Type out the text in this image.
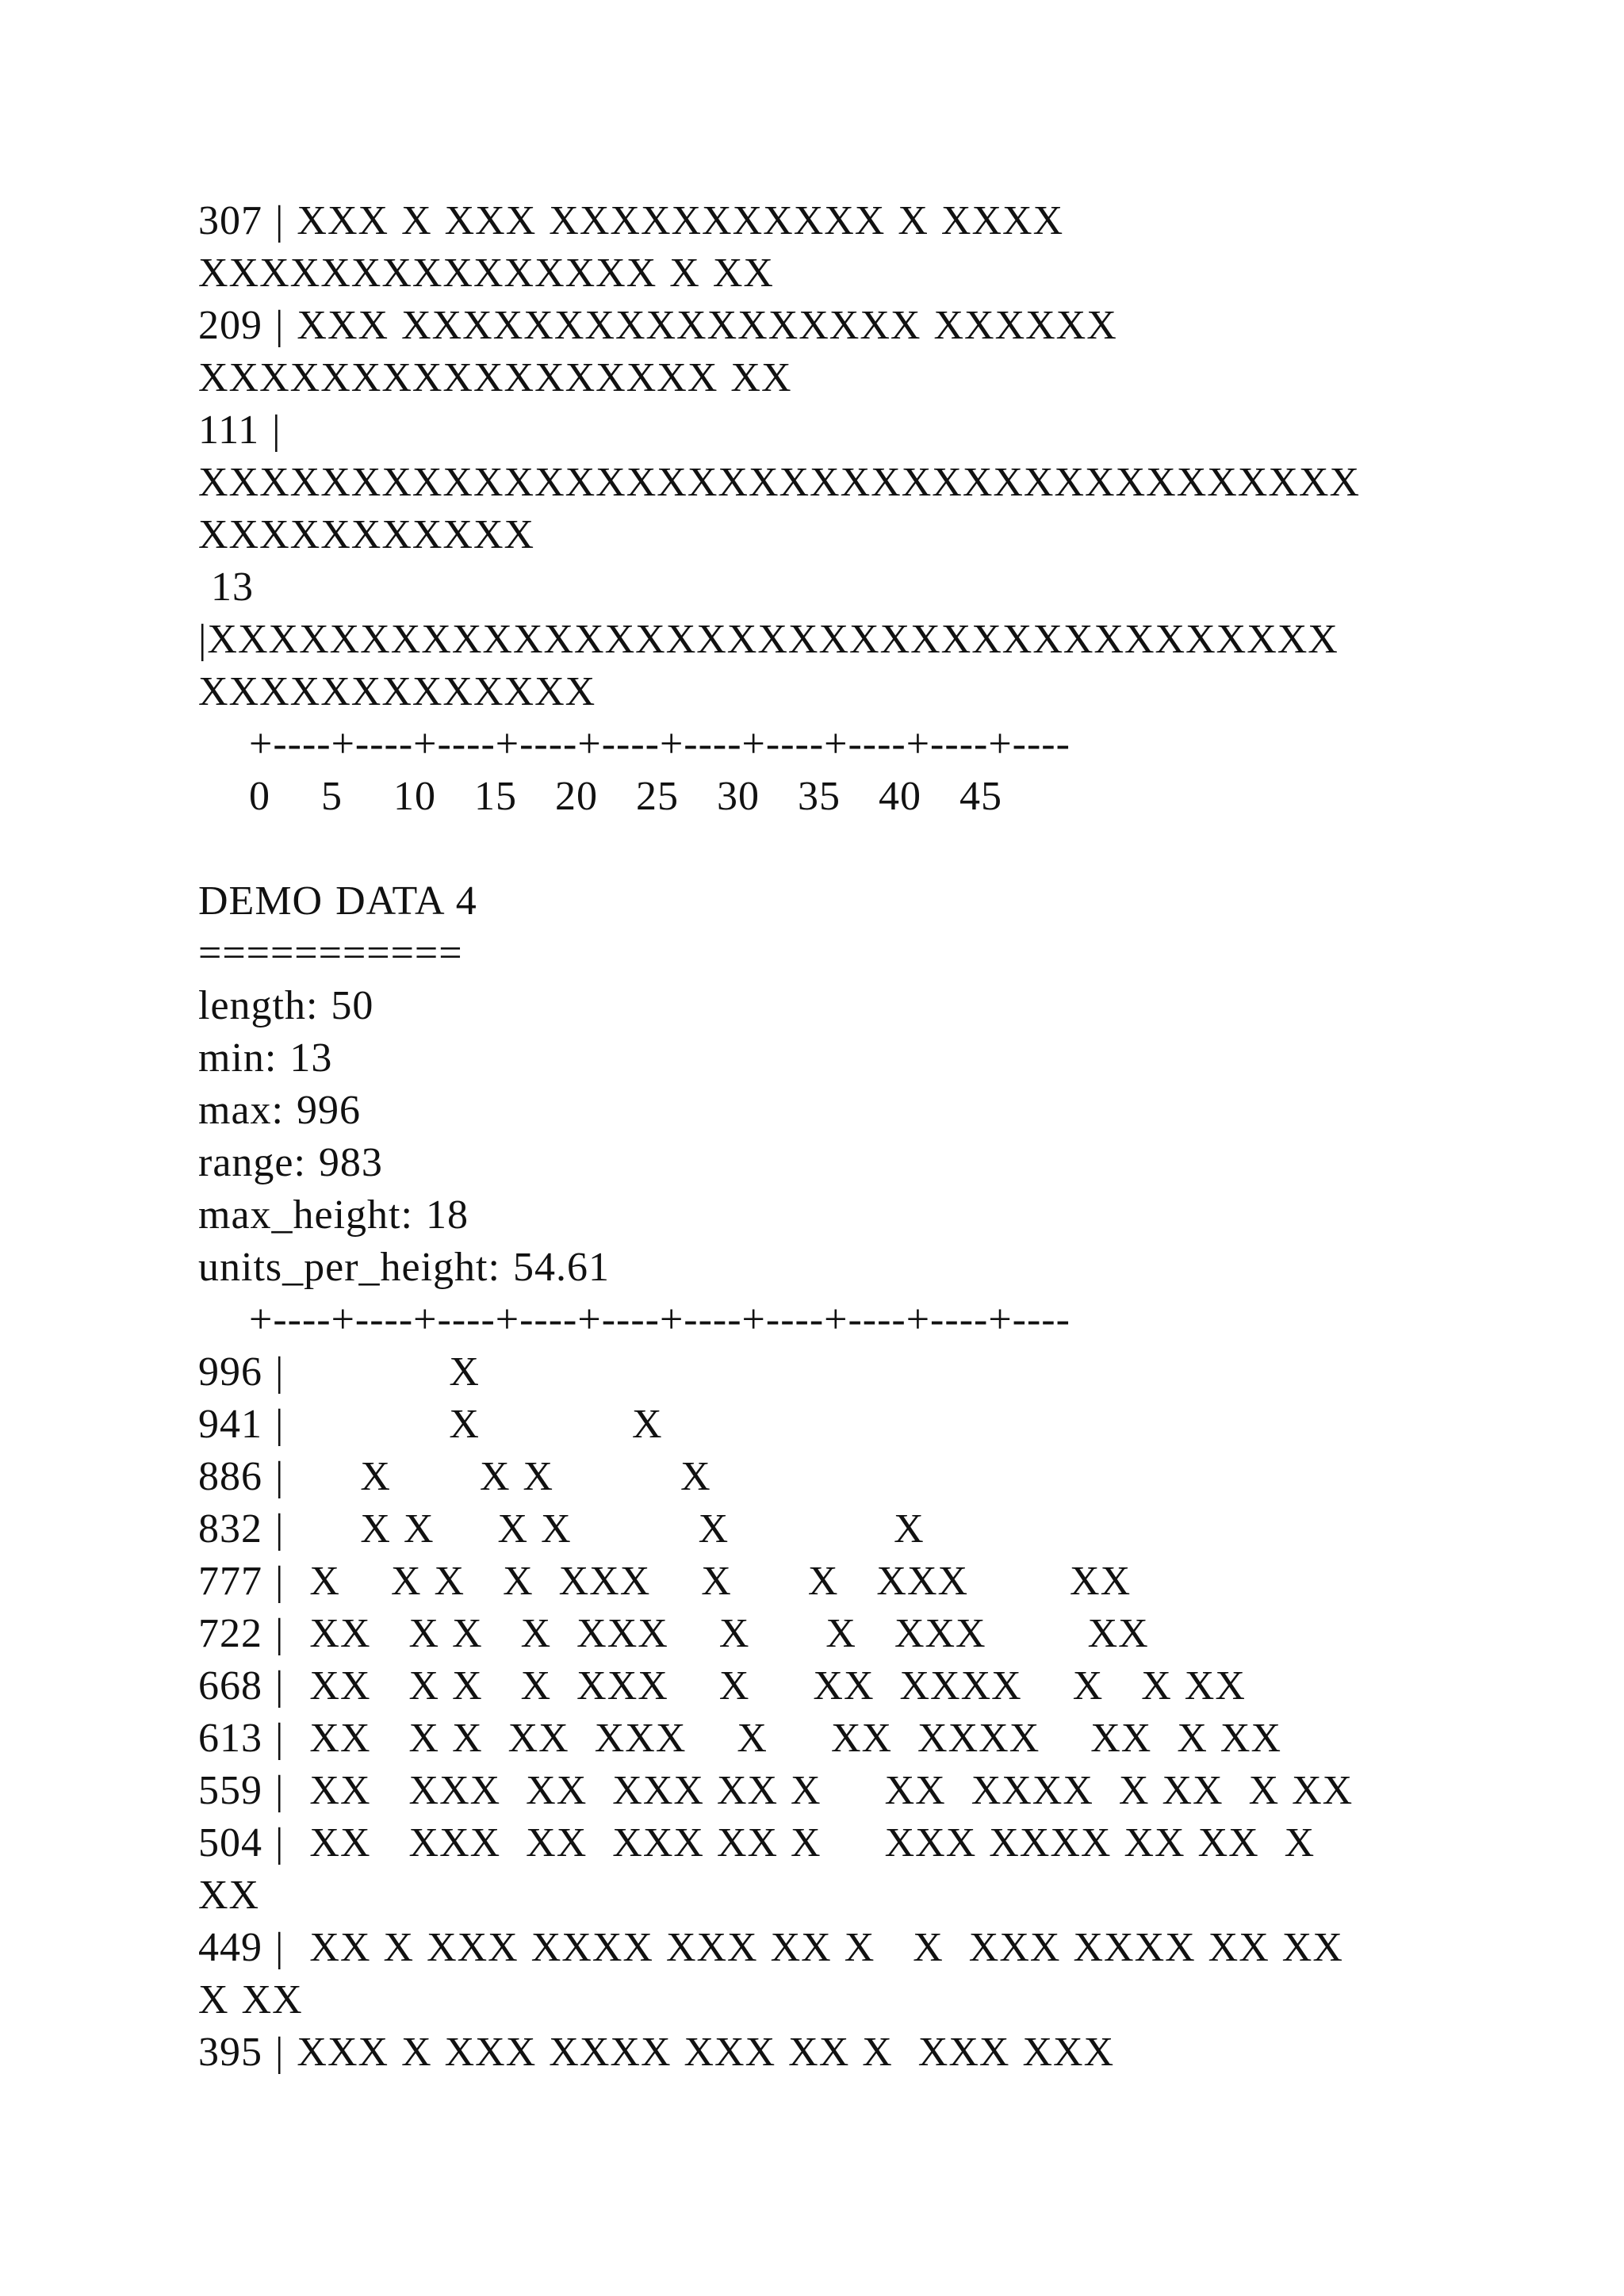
307 | XXX X XXX XXXXXXXXXXX X XXXX
XXXXXXXXXXXXXXX X XX
209 | XXX XXXXXXXXXXXXXXXXX XXXXXX
XXXXXXXXXXXXXXXXX XX
111 |
XXXXXXXXXXXXXXXXXXXXXXXXXXXXXXXXXXXXXX
XXXXXXXXXXX
13
|XXXXXXXXXXXXXXXXXXXXXXXXXXXXXXXXXXXXX
XXXXXXXXXXXXX
+----+----+----+----+----+----+----+----+----+----
0    5    10   15   20   25   30   35   40   45
DEMO DATA 4
===========
length: 50
min: 13
max: 996
range: 983
max_height: 18
units_per_height: 54.61
+----+----+----+----+----+----+----+----+----+----
996 |             X
941 |             X            X
886 |      X       X X          X
832 |      X X     X X          X             X
777 |  X    X X   X  XXX    X      X   XXX        XX
722 |  XX   X X   X  XXX    X      X   XXX        XX
668 |  XX   X X   X  XXX    X     XX  XXXX    X   X XX
613 |  XX   X X  XX  XXX    X     XX  XXXX    XX  X XX
559 |  XX   XXX  XX  XXX XX X     XX  XXXX  X XX  X XX
504 |  XX   XXX  XX  XXX XX X     XXX XXXX XX XX  X
XX
449 |  XX X XXX XXXX XXX XX X   X  XXX XXXX XX XX
X XX
395 | XXX X XXX XXXX XXX XX X  XXX XXX
